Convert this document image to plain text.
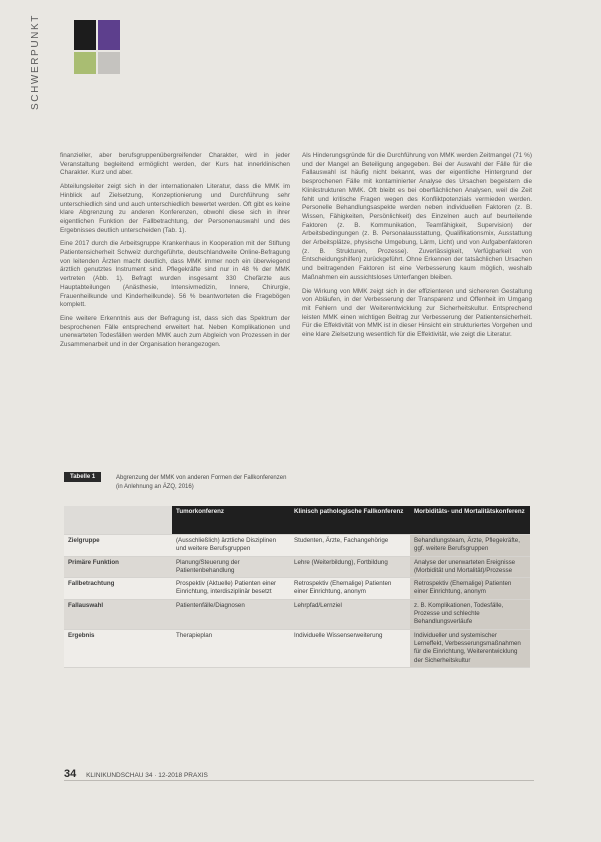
SCHWERPUNKT

finanzieller, aber berufsgruppenübergreifender Charakter, wird in jeder Veranstaltung begleitend ermöglicht werden, der Kurs hat innerklinischen Charakter. Kurz und aber.

Abteilungsleiter zeigt sich in der internationalen Literatur, dass die MMK im Hinblick auf Zielsetzung, Konzeptionierung und Durchführung sehr unterschiedlich sind und auch unterschiedlich bewertet werden. Oft gibt es keine klare Abgrenzung zu anderen Konferenzen, obwohl diese sich in ihrer eigentlichen Funktion der Fallbetrachtung, der Personenauswahl und des Ergebnisses deutlich unterscheiden (Tab. 1).

Eine 2017 durch die Arbeitsgruppe Krankenhaus in Kooperation mit der Stiftung Patientensicherheit Schweiz durchgeführte, deutschlandweite Online-Befragung von leitenden Ärzten macht deutlich, dass MMK immer noch ein überwiegend ärztlich genutztes Instrument sind. Pflegekräfte sind nur in 48 % der MMK vertreten (Abb. 1). Befragt wurden insgesamt 330 Chefärzte aus Hauptabteilungen (Anästhesie, Intensivmedizin, Innere, Chirurgie, Frauenheilkunde und Kinderheilkunde). 56 % beantworteten die Fragebögen komplett.

Eine weitere Erkenntnis aus der Befragung ist, dass sich das Spektrum der besprochenen Fälle entsprechend erweitert hat. Neben Komplikationen und unerwarteten Todesfällen werden MMK auch zum Abgleich von Prozessen in der Zusammenarbeit und in der Organisation herangezogen.

Als Hinderungsgründe für die Durchführung von MMK werden Zeitmangel (71 %) und der Mangel an Beteiligung angegeben. Bei der Auswahl der Fälle für die Fallauswahl ist häufig nicht bekannt, was der eigentliche Hintergrund der besprochenen Fälle mit kontaminierter Analyse des Ursachen begeistern die Klinikstrukturen MMK. Oft bleibt es bei oberflächlichen Analysen, weil die Zeit fehlt und kritische Fragen wegen des Konfliktpotenzials vermieden werden. Personelle Behandlungsaspekte werden neben individuellen Faktoren (z. B. Wissen, Fähigkeiten, Persönlichkeit) des Einzelnen auch auf beurteilende Faktoren (z. B. Kommunikation, Teamfähigkeit, Supervision) der Arbeitsbedingungen (z. B. Personalausstattung, Qualifikationsmix, Ausstattung der Arbeitsplätze, physische Umgebung, Lärm, Licht) und von Aufgabenfaktoren (z. B. Strukturen, Prozesse). Zuverlässigkeit, Verfügbarkeit von Entscheidungshilfen) zurückgeführt. Ohne Erkennen der tatsächlichen Ursachen und beitragenden Faktoren ist eine Verbesserung kaum möglich, weshalb Maßnahmen ein aussichtsloses Unterfangen bleiben.

Die Wirkung von MMK zeigt sich in der effizienteren und sichereren Gestaltung von Abläufen, in der Verbesserung der Transparenz und Offenheit im Umgang mit Fehlern und der Weiterentwicklung zur Sicherheitskultur. Entsprechend leisten MMK einen wichtigen Beitrag zur Verbesserung der Patientensicherheit. Für die Effektivität von MMK ist in dieser Hinsicht ein strukturiertes Vorgehen und eine klare Zielsetzung wesentlich für die Effektivität, wie zeigt die Literatur.

Tabelle 1	Abgrenzung der MMK von anderen Formen der Fallkonferenzen
(in Anlehnung an ÄZQ, 2016)
	Tumorkonferenz	Klinisch pathologische Fallkonferenz	Morbiditäts- und Mortalitätskonferenz
Zielgruppe	(Ausschließlich) ärztliche Disziplinen und weitere Berufsgruppen	Studenten, Ärzte, Fachangehörige	Behandlungsteam, Ärzte, Pflegekräfte, ggf. weitere Berufsgruppen
Primäre Funktion	Planung/Steuerung der Patientenbehandlung	Lehre (Weiterbildung), Fortbildung	Analyse der unerwarteten Ereignisse (Morbidität und Mortalität)/Prozesse
Fallbetrachtung	Prospektiv (Aktuelle) Patienten einer Einrichtung, interdisziplinär besetzt	Retrospektiv (Ehemalige) Patienten einer Einrichtung, anonym	Retrospektiv (Ehemalige) Patienten einer Einrichtung, anonym
Fallauswahl	Patientenfälle/Diagnosen	Lehrpfad/Lernziel	z. B. Komplikationen, Todesfälle, Prozesse und schlechte Behandlungsverläufe
Ergebnis	Therapieplan	Individuelle Wissenserweiterung	Individueller und systemischer Lerneffekt, Verbesserungsmaßnahmen für die Einrichtung, Weiterentwicklung der Sicherheitskultur
34 KLINIKUNDSCHAU 34 · 12-2018 PRAXIS
